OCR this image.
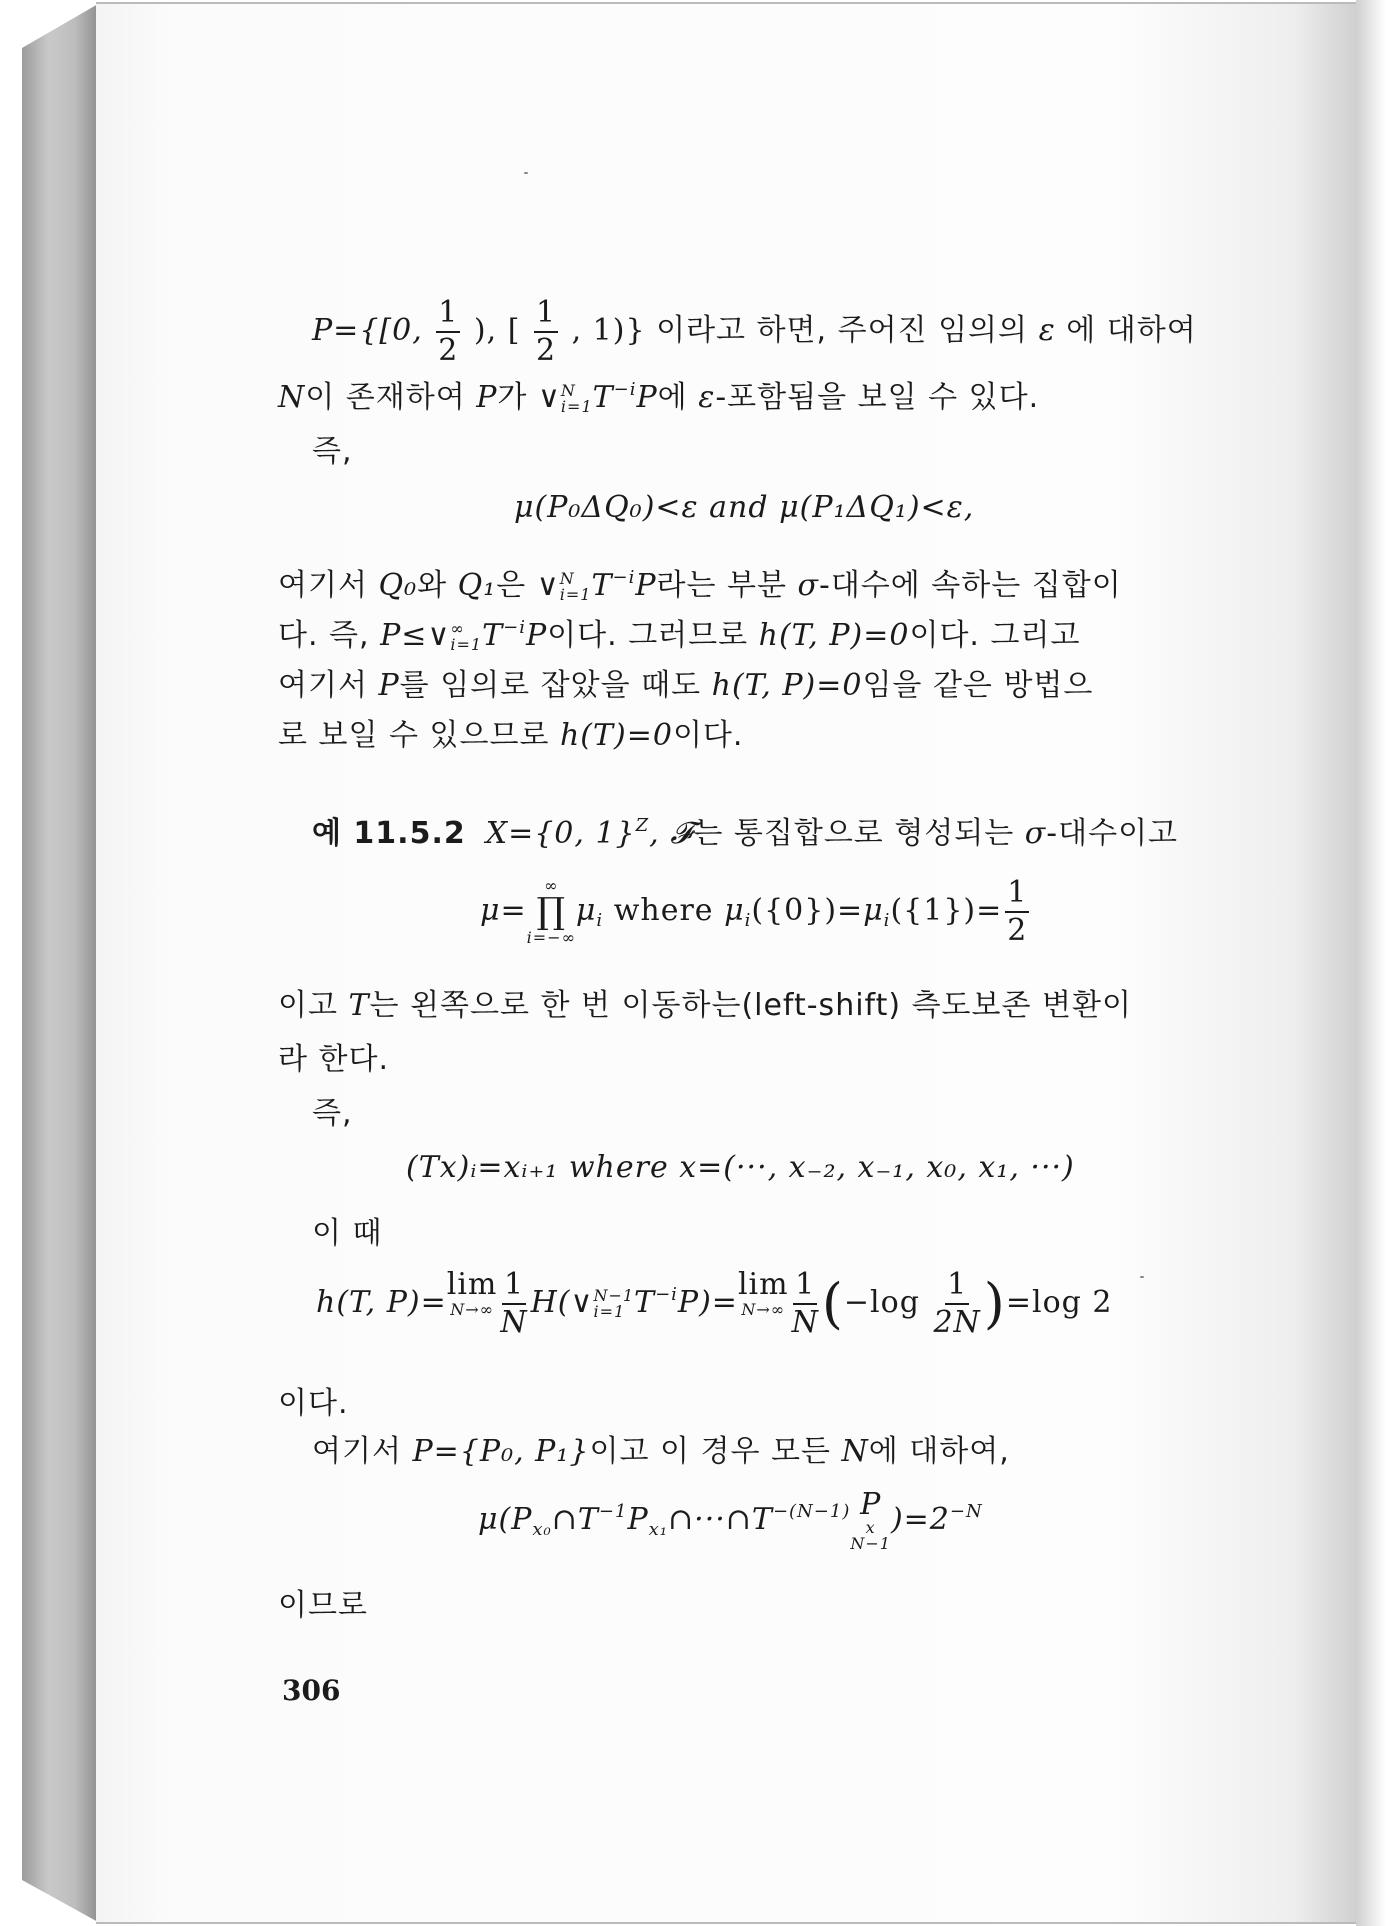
P={[0, $\frac{1}{2}$ ), [ $\frac{1}{2}$ , 1)} 이라고 하면, 주어진 임의의 ε 에 대하여
N이 존재하여 P가 ∨ N
i=1 $T^{-i}P$에 ε-포함됨을 보일 수 있다.
즉,
μ(P₀ΔQ₀)<ε and μ(P₁ΔQ₁)<ε,
여기서 Q₀와 Q₁은 ∨ N
i=1 $T^{-i}P$라는 부분 σ-대수에 속하는 집합이
다. 즉, P≤∨ ∞
i=1 $T^{-i}P$이다. 그러므로 h(T, P)=0이다. 그리고
여기서 P를 임의로 잡았을 때도 h(T, P)=0임을 같은 방법으
로 보일 수 있으므로 h(T)=0이다.
예 11.5.2 X={0, 1}$^Z$, 𝓕는 통집합으로 형성되는 σ-대수이고
μ=
∞
∏
i=−∞
$\mu_i$ where $\mu_i(\{0\})=\mu_i(\{1\})= \frac{1}{2}$
이고 T는 왼쪽으로 한 번 이동하는(left-shift) 측도보존 변환이
라 한다.
즉,
(Tx)ᵢ=xᵢ₊₁ where x=(···, x₋₂, x₋₁, x₀, x₁, ···)
이 때
h(T, P)=
lim
$N\to\infty \frac{1}{N}$ H(∨ N−1
i=1 $T^{-i}P)=$
lim
$N\to\infty \frac{1}{N} (-\log \frac{1}{2N} )=\log$ 2
이다.
여기서 P={P₀, P₁}이고 이 경우 모든 N에 대하여,
$\mu(P_{x_0}\cap T^{-1}P_{x_1}\cap\cdot\cdot\cdot\cap T^{-(N-1)}$ P
x
N−1
)$=2^{-N}$
이므로
306
